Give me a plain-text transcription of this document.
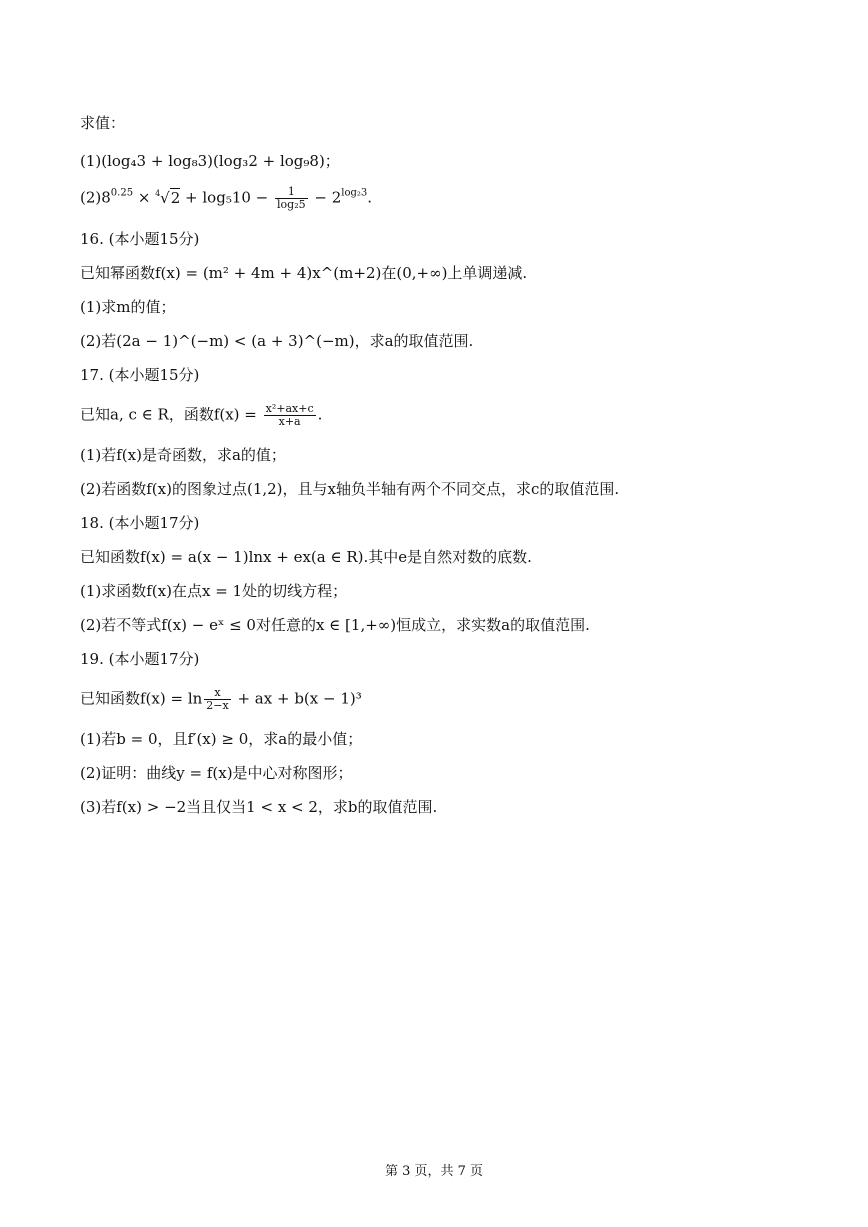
求值：
(1)(log₄3 + log₈3)(log₃2 + log₉8)；
$(2)8^{0.25} \times 4$ $√2 + \log_510 - \frac{1}{\text{log₂5}} - 2^{log_23}$.
16. (本小题15分)
已知幂函数f(x) = (m² + 4m + 4)x^(m+2)在(0,+∞)上单调递减.
(1)求m的值；
(2)若(2a − 1)^(−m) < (a + 3)^(−m)，求a的取值范围.
17. (本小题15分)
已知a, c ∈ R，函数$f(x) = \frac{\text{x²+ax+c}}{x+a}$ .
(1)若f(x)是奇函数，求a的值；
(2)若函数f(x)的图象过点(1,2)，且与x轴负半轴有两个不同交点，求c的取值范围.
18. (本小题17分)
已知函数f(x) = a(x − 1)lnx + ex(a ∈ R).其中e是自然对数的底数.
(1)求函数f(x)在点x = 1处的切线方程；
(2)若不等式f(x) − eˣ ≤ 0对任意的x ∈ [1,+∞)恒成立，求实数a的取值范围.
19. (本小题17分)
已知函数$f(x) = \ln \frac{x}{2-x}$ + ax + b(x − 1)³
(1)若b = 0，且f′(x) ≥ 0，求a的最小值；
(2)证明：曲线y = f(x)是中心对称图形；
(3)若f(x) > −2当且仅当1 < x < 2，求b的取值范围.
第 3 页，共 7 页
